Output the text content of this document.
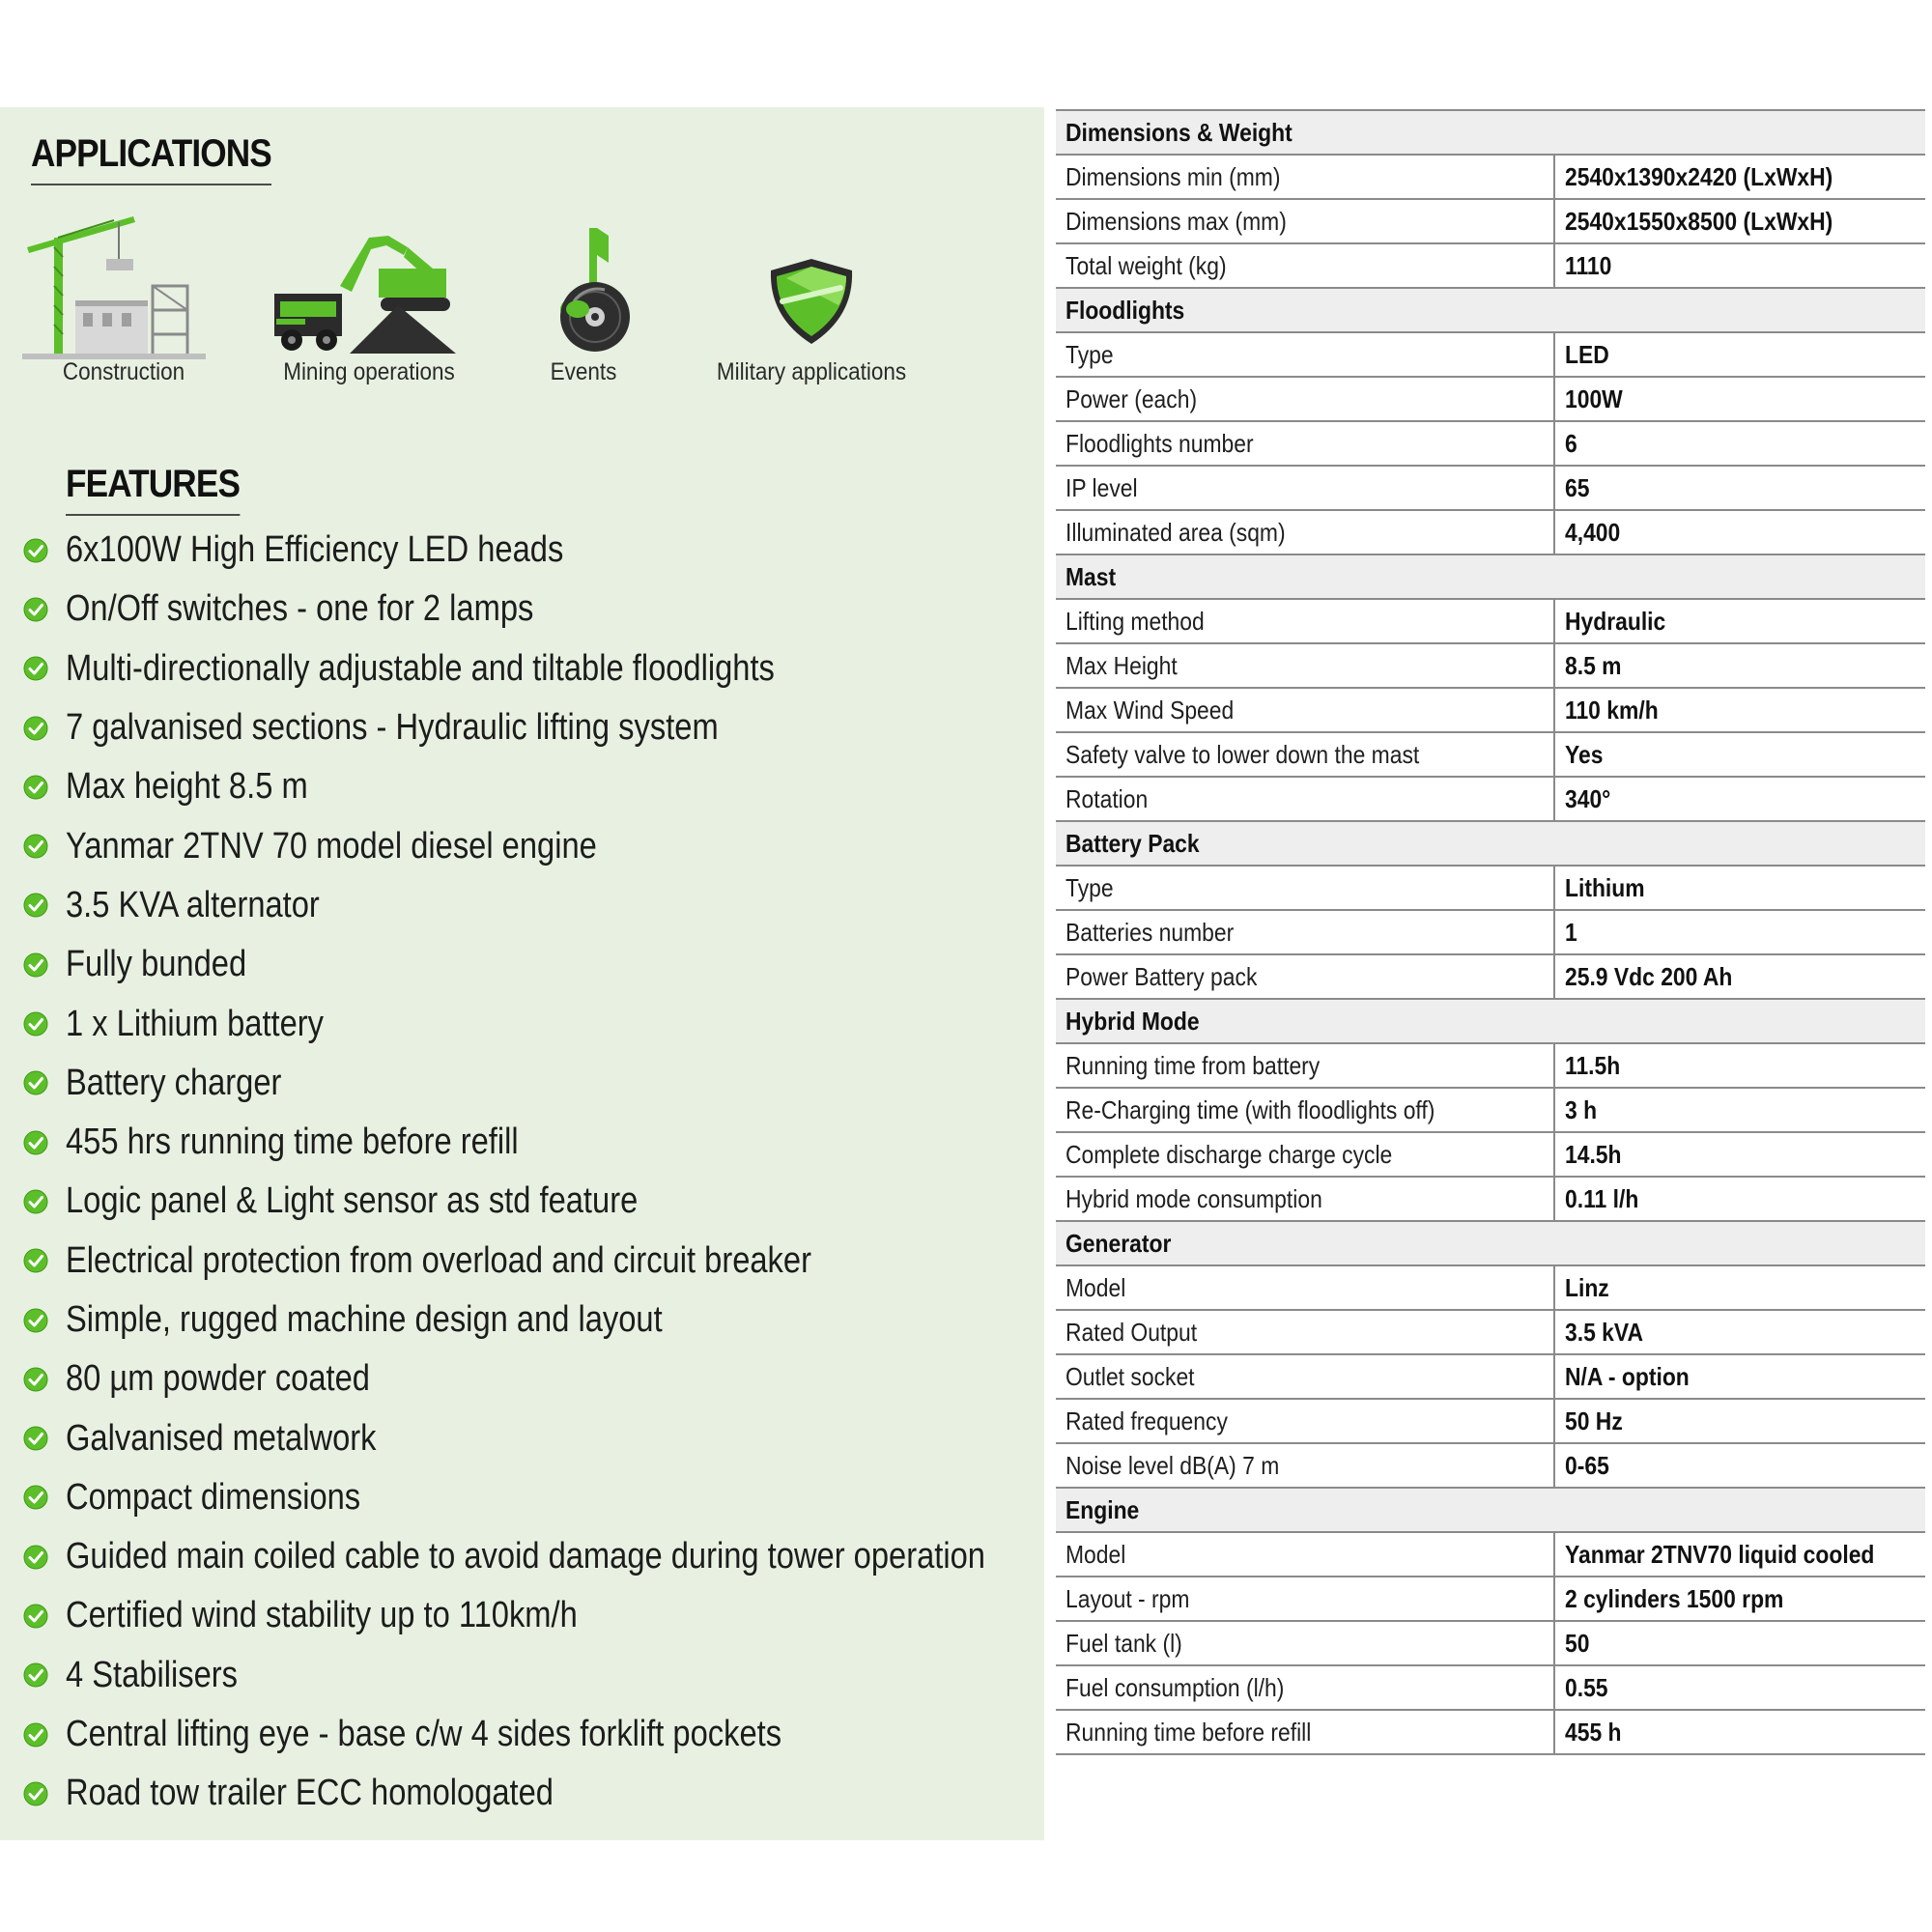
APPLICATIONS
Construction	Mining operations	Events	Military applications
FEATURES
6x100W High Efficiency LED heads
On/Off switches - one for 2 lamps
Multi-directionally adjustable and tiltable floodlights
7 galvanised sections - Hydraulic lifting system
Max height 8.5 m
Yanmar 2TNV 70 model diesel engine
3.5 KVA alternator
Fully bunded
1 x Lithium battery
Battery charger
455 hrs running time before refill
Logic panel & Light sensor as std feature
Electrical protection from overload and circuit breaker
Simple, rugged machine design and layout
80 µm powder coated
Galvanised metalwork
Compact dimensions
Guided main coiled cable to avoid damage during tower operation
Certified wind stability up to 110km/h
4 Stabilisers
Central lifting eye - base c/w 4 sides forklift pockets
Road tow trailer ECC homologated
Dimensions & Weight	
Dimensions min (mm)	2540x1390x2420 (LxWxH)
Dimensions max (mm)	2540x1550x8500 (LxWxH)
Total weight (kg)	1110
Floodlights	
Type	LED
Power (each)	100W
Floodlights number	6
IP level	65
Illuminated area (sqm)	4,400
Mast	
Lifting method	Hydraulic
Max Height	8.5 m
Max Wind Speed	110 km/h
Safety valve to lower down the mast	Yes
Rotation	340°
Battery Pack	
Type	Lithium
Batteries number	1
Power Battery pack	25.9 Vdc 200 Ah
Hybrid Mode	
Running time from battery	11.5h
Re-Charging time (with floodlights off)	3 h
Complete discharge charge cycle	14.5h
Hybrid mode consumption	0.11 l/h
Generator	
Model	Linz
Rated Output	3.5 kVA
Outlet socket	N/A - option
Rated frequency	50 Hz
Noise level dB(A) 7 m	0-65
Engine	
Model	Yanmar 2TNV70 liquid cooled
Layout - rpm	2 cylinders 1500 rpm
Fuel tank (l)	50
Fuel consumption (l/h)	0.55
Running time before refill	455 h
